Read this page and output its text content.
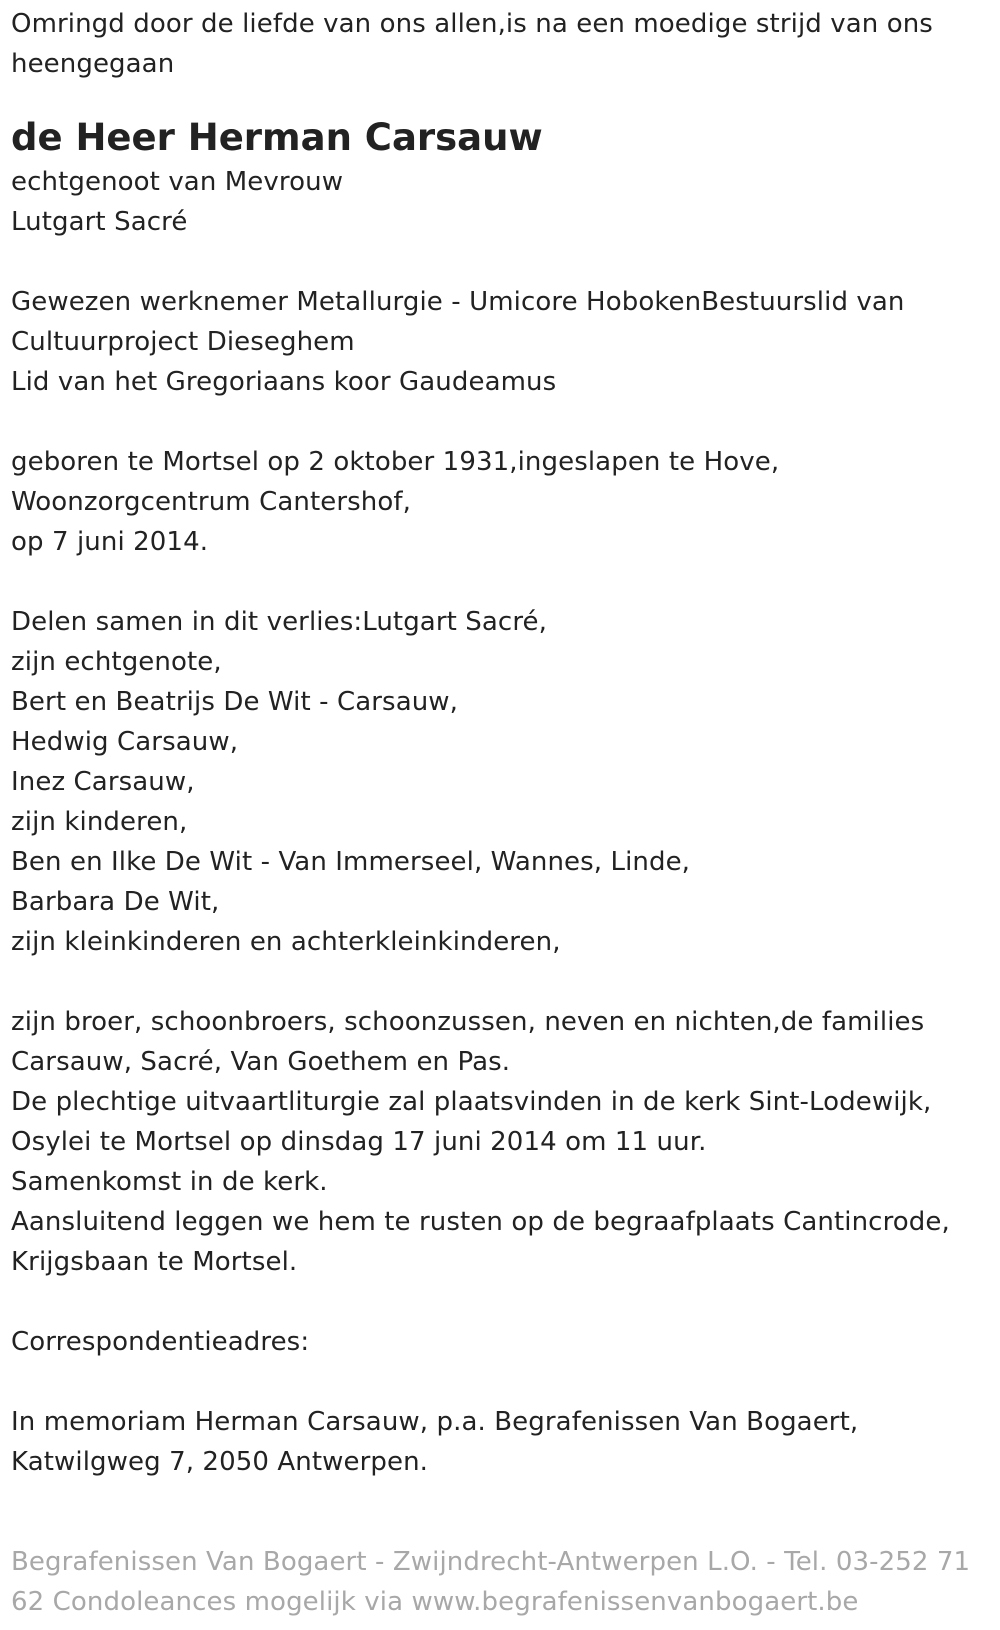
Omringd door de liefde van ons allen,is na een moedige strijd van ons
heengegaan
de Heer Herman Carsauw
echtgenoot van Mevrouw
Lutgart Sacré
Gewezen werknemer Metallurgie - Umicore HobokenBestuurslid van
Cultuurproject Dieseghem
Lid van het Gregoriaans koor Gaudeamus
geboren te Mortsel op 2 oktober 1931,ingeslapen te Hove,
Woonzorgcentrum Cantershof,
op 7 juni 2014.
Delen samen in dit verlies:Lutgart Sacré,
zijn echtgenote,
Bert en Beatrijs De Wit - Carsauw,
Hedwig Carsauw,
Inez Carsauw,
zijn kinderen,
Ben en Ilke De Wit - Van Immerseel, Wannes, Linde,
Barbara De Wit,
zijn kleinkinderen en achterkleinkinderen,
zijn broer, schoonbroers, schoonzussen, neven en nichten,de families
Carsauw, Sacré, Van Goethem en Pas.
De plechtige uitvaartliturgie zal plaatsvinden in de kerk Sint-Lodewijk,
Osylei te Mortsel op dinsdag 17 juni 2014 om 11 uur.
Samenkomst in de kerk.
Aansluitend leggen we hem te rusten op de begraafplaats Cantincrode,
Krijgsbaan te Mortsel.
Correspondentieadres:
In memoriam Herman Carsauw, p.a. Begrafenissen Van Bogaert,
Katwilgweg 7, 2050 Antwerpen.
Begrafenissen Van Bogaert - Zwijndrecht-Antwerpen L.O. - Tel. 03-252 71
62 Condoleances mogelijk via www.begrafenissenvanbogaert.be
